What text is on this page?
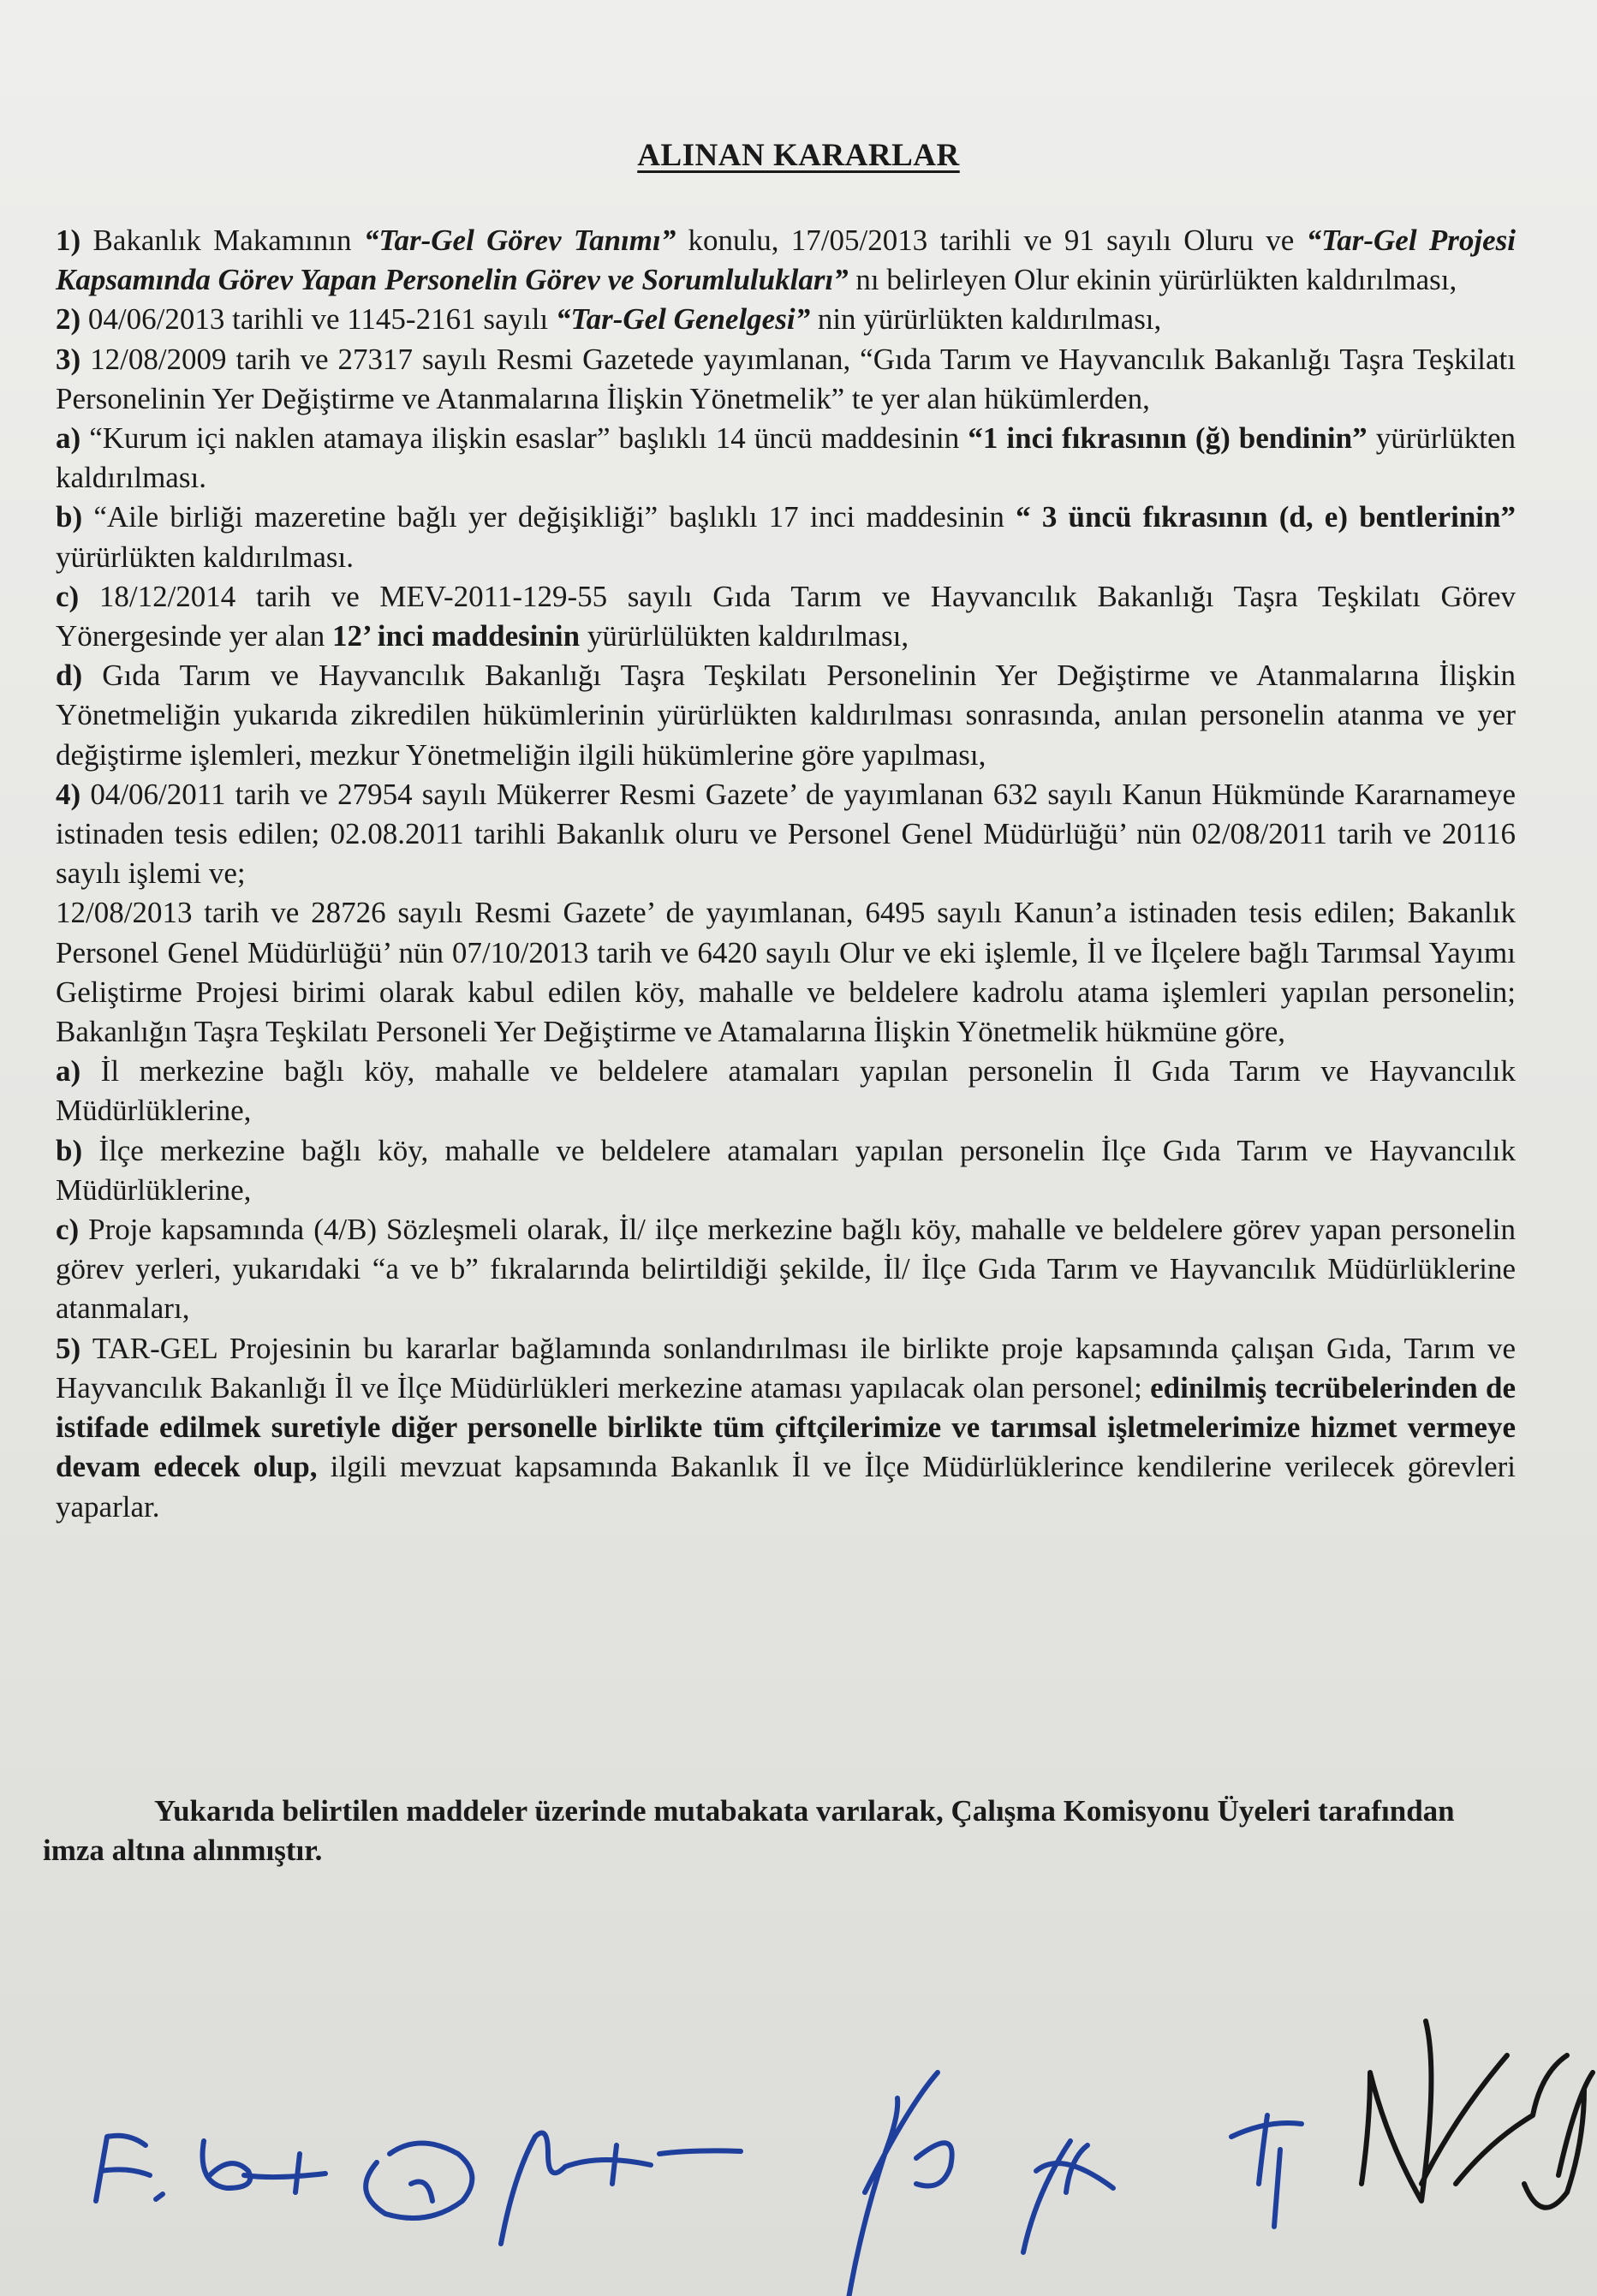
ALINAN KARARLAR

1) Bakanlık Makamının “Tar-Gel Görev Tanımı” konulu, 17/05/2013 tarihli ve 91 sayılı Oluru ve “Tar-Gel Projesi Kapsamında Görev Yapan Personelin Görev ve Sorumlulukları” nı belirleyen Olur ekinin yürürlükten kaldırılması,

2) 04/06/2013 tarihli ve 1145-2161 sayılı “Tar-Gel Genelgesi” nin yürürlükten kaldırılması,

3) 12/08/2009 tarih ve 27317 sayılı Resmi Gazetede yayımlanan, “Gıda Tarım ve Hayvancılık Bakanlığı Taşra Teşkilatı Personelinin Yer Değiştirme ve Atanmalarına İlişkin Yönetmelik” te yer alan hükümlerden,

a) “Kurum içi naklen atamaya ilişkin esaslar” başlıklı 14 üncü maddesinin “1 inci fıkrasının (ğ) bendinin” yürürlükten kaldırılması.

b) “Aile birliği mazeretine bağlı yer değişikliği” başlıklı 17 inci maddesinin “ 3 üncü fıkrasının (d, e) bentlerinin” yürürlükten kaldırılması.

c) 18/12/2014 tarih ve MEV-2011-129-55 sayılı Gıda Tarım ve Hayvancılık Bakanlığı Taşra Teşkilatı Görev Yönergesinde yer alan 12’ inci maddesinin yürürlülükten kaldırılması,

d) Gıda Tarım ve Hayvancılık Bakanlığı Taşra Teşkilatı Personelinin Yer Değiştirme ve Atanmalarına İlişkin Yönetmeliğin yukarıda zikredilen hükümlerinin yürürlükten kaldırılması sonrasında, anılan personelin atanma ve yer değiştirme işlemleri, mezkur Yönetmeliğin ilgili hükümlerine göre yapılması,

4) 04/06/2011 tarih ve 27954 sayılı Mükerrer Resmi Gazete’ de yayımlanan 632 sayılı Kanun Hükmünde Kararnameye istinaden tesis edilen; 02.08.2011 tarihli Bakanlık oluru ve Personel Genel Müdürlüğü’ nün 02/08/2011 tarih ve 20116 sayılı işlemi ve;

12/08/2013 tarih ve 28726 sayılı Resmi Gazete’ de yayımlanan, 6495 sayılı Kanun’a istinaden tesis edilen; Bakanlık Personel Genel Müdürlüğü’ nün 07/10/2013 tarih ve 6420 sayılı Olur ve eki işlemle, İl ve İlçelere bağlı Tarımsal Yayımı Geliştirme Projesi birimi olarak kabul edilen köy, mahalle ve beldelere kadrolu atama işlemleri yapılan personelin; Bakanlığın Taşra Teşkilatı Personeli Yer Değiştirme ve Atamalarına İlişkin Yönetmelik hükmüne göre,

a) İl merkezine bağlı köy, mahalle ve beldelere atamaları yapılan personelin İl Gıda Tarım ve Hayvancılık Müdürlüklerine,

b) İlçe merkezine bağlı köy, mahalle ve beldelere atamaları yapılan personelin İlçe Gıda Tarım ve Hayvancılık Müdürlüklerine,

c) Proje kapsamında (4/B) Sözleşmeli olarak, İl/ ilçe merkezine bağlı köy, mahalle ve beldelere görev yapan personelin görev yerleri, yukarıdaki “a ve b” fıkralarında belirtildiği şekilde, İl/ İlçe Gıda Tarım ve Hayvancılık Müdürlüklerine atanmaları,

5) TAR-GEL Projesinin bu kararlar bağlamında sonlandırılması ile birlikte proje kapsamında çalışan Gıda, Tarım ve Hayvancılık Bakanlığı İl ve İlçe Müdürlükleri merkezine ataması yapılacak olan personel; edinilmiş tecrübelerinden de istifade edilmek suretiyle diğer personelle birlikte tüm çiftçilerimize ve tarımsal işletmelerimize hizmet vermeye devam edecek olup, ilgili mevzuat kapsamında Bakanlık İl ve İlçe Müdürlüklerince kendilerine verilecek görevleri yaparlar.

Yukarıda belirtilen maddeler üzerinde mutabakata varılarak, Çalışma Komisyonu Üyeleri tarafından imza altına alınmıştır.
